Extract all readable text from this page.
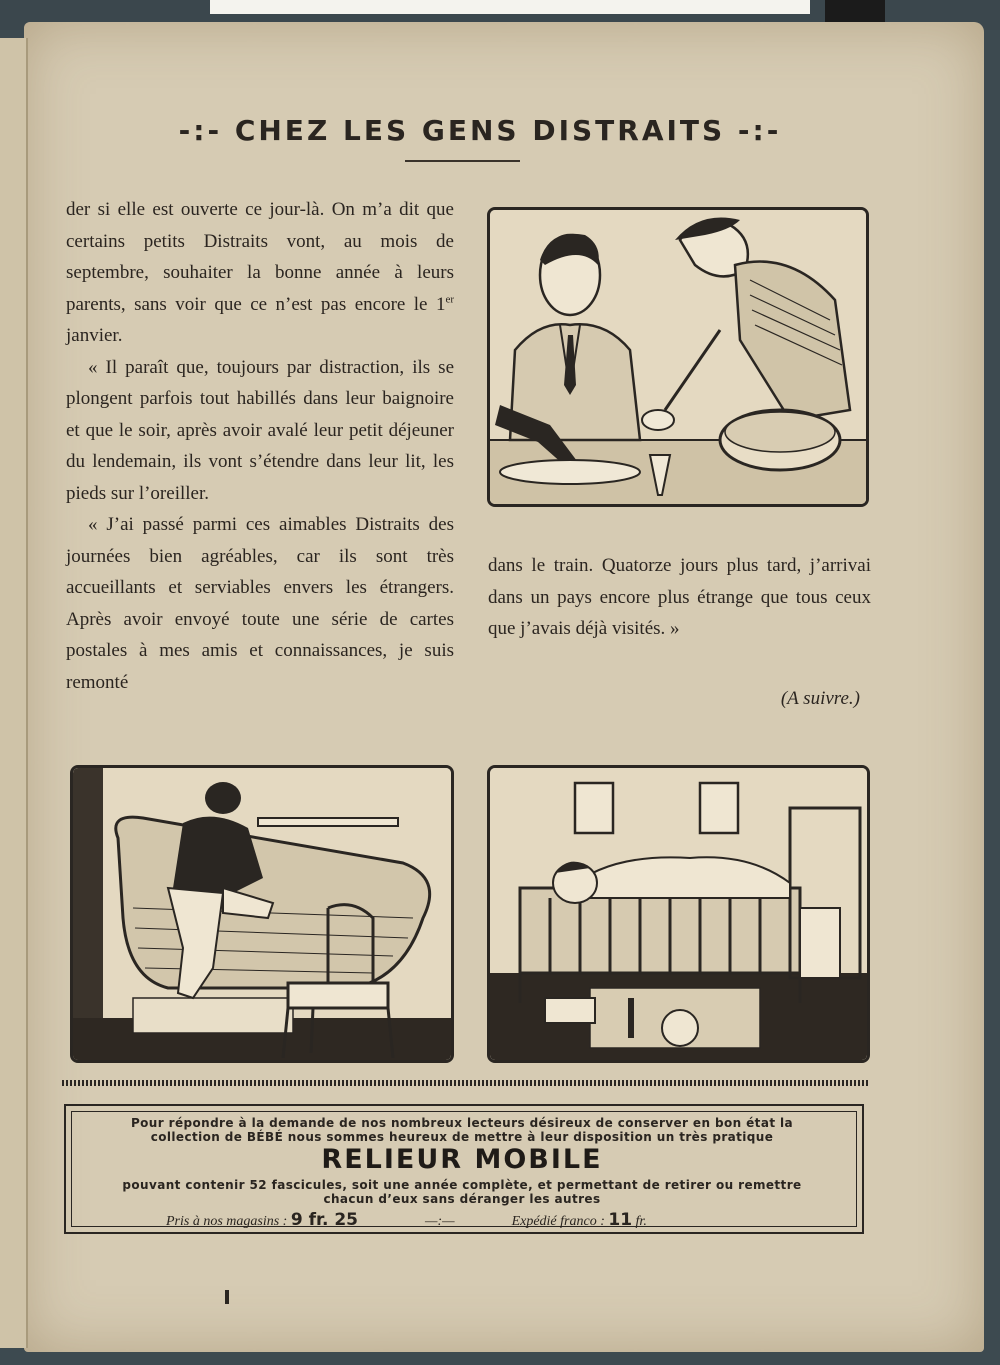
-:- CHEZ LES GENS DISTRAITS -:-

der si elle est ouverte ce jour-là. On m’a dit que certains petits Distraits vont, au mois de septembre, souhaiter la bonne année à leurs parents, sans voir que ce n’est pas encore le 1er janvier.

« Il paraît que, toujours par distraction, ils se plongent parfois tout habillés dans leur baignoire et que le soir, après avoir avalé leur petit déjeuner du lendemain, ils vont s’étendre dans leur lit, les pieds sur l’oreiller.

« J’ai passé parmi ces aimables Distraits des journées bien agréables, car ils sont très accueillants et serviables envers les étrangers. Après avoir envoyé toute une série de cartes postales à mes amis et connaissances, je suis remonté

dans le train. Quatorze jours plus tard, j’arrivai dans un pays encore plus étrange que tous ceux que j’avais déjà visités. »

(A suivre.)
Pour répondre à la demande de nos nombreux lecteurs désireux de conserver en bon état la
collection de BÉBÉ nous sommes heureux de mettre à leur disposition un très pratique
RELIEUR MOBILE
pouvant contenir 52 fascicules, soit une année complète, et permettant de retirer ou remettre
chacun d’eux sans déranger les autres
Pris à nos magasins : 9 fr. 25	—:—	Expédié franco : 11 fr.
